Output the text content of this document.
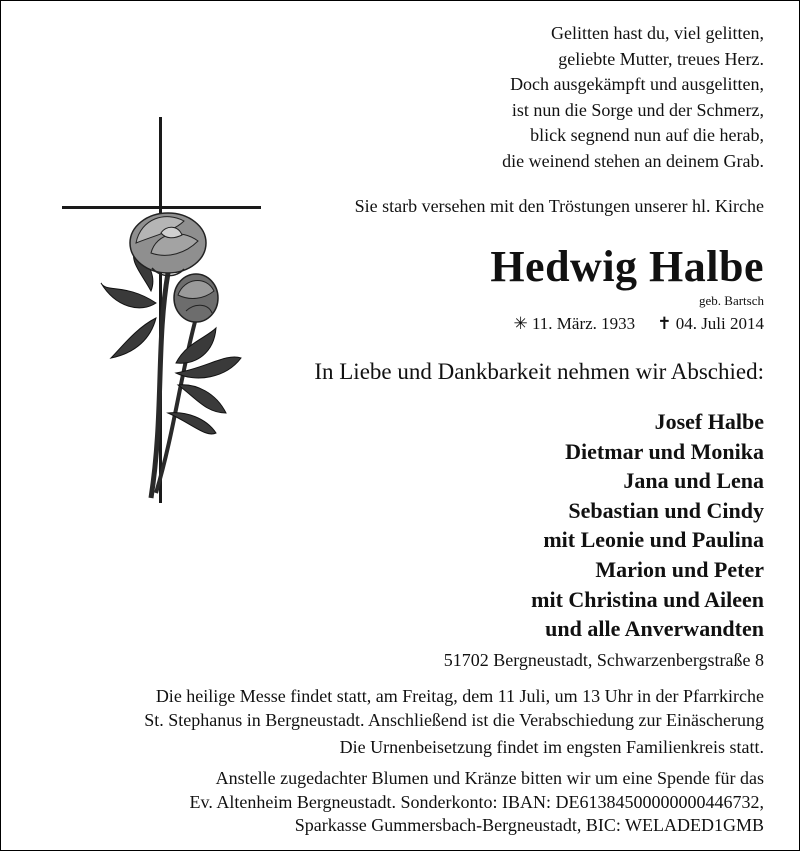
Gelitten hast du, viel gelitten,
geliebte Mutter, treues Herz.
Doch ausgekämpft und ausgelitten,
ist nun die Sorge und der Schmerz,
blick segnend nun auf die herab,
die weinend stehen an deinem Grab.
Sie starb versehen mit den Tröstungen unserer hl. Kirche
Hedwig Halbe
geb. Bartsch
✳ 11. März. 1933 ✝ 04. Juli 2014
In Liebe und Dankbarkeit nehmen wir Abschied:
Josef Halbe
Dietmar und Monika
Jana und Lena
Sebastian und Cindy
mit Leonie und Paulina
Marion und Peter
mit Christina und Aileen
und alle Anverwandten
51702 Bergneustadt, Schwarzenbergstraße 8
Die heilige Messe findet statt, am Freitag, dem 11 Juli, um 13 Uhr in der Pfarrkirche
St. Stephanus in Bergneustadt. Anschließend ist die Verabschiedung zur Einäscherung
Die Urnenbeisetzung findet im engsten Familienkreis statt.
Anstelle zugedachter Blumen und Kränze bitten wir um eine Spende für das
Ev. Altenheim Bergneustadt. Sonderkonto: IBAN: DE61384500000000446732,
Sparkasse Gummersbach-Bergneustadt, BIC: WELADED1GMB
